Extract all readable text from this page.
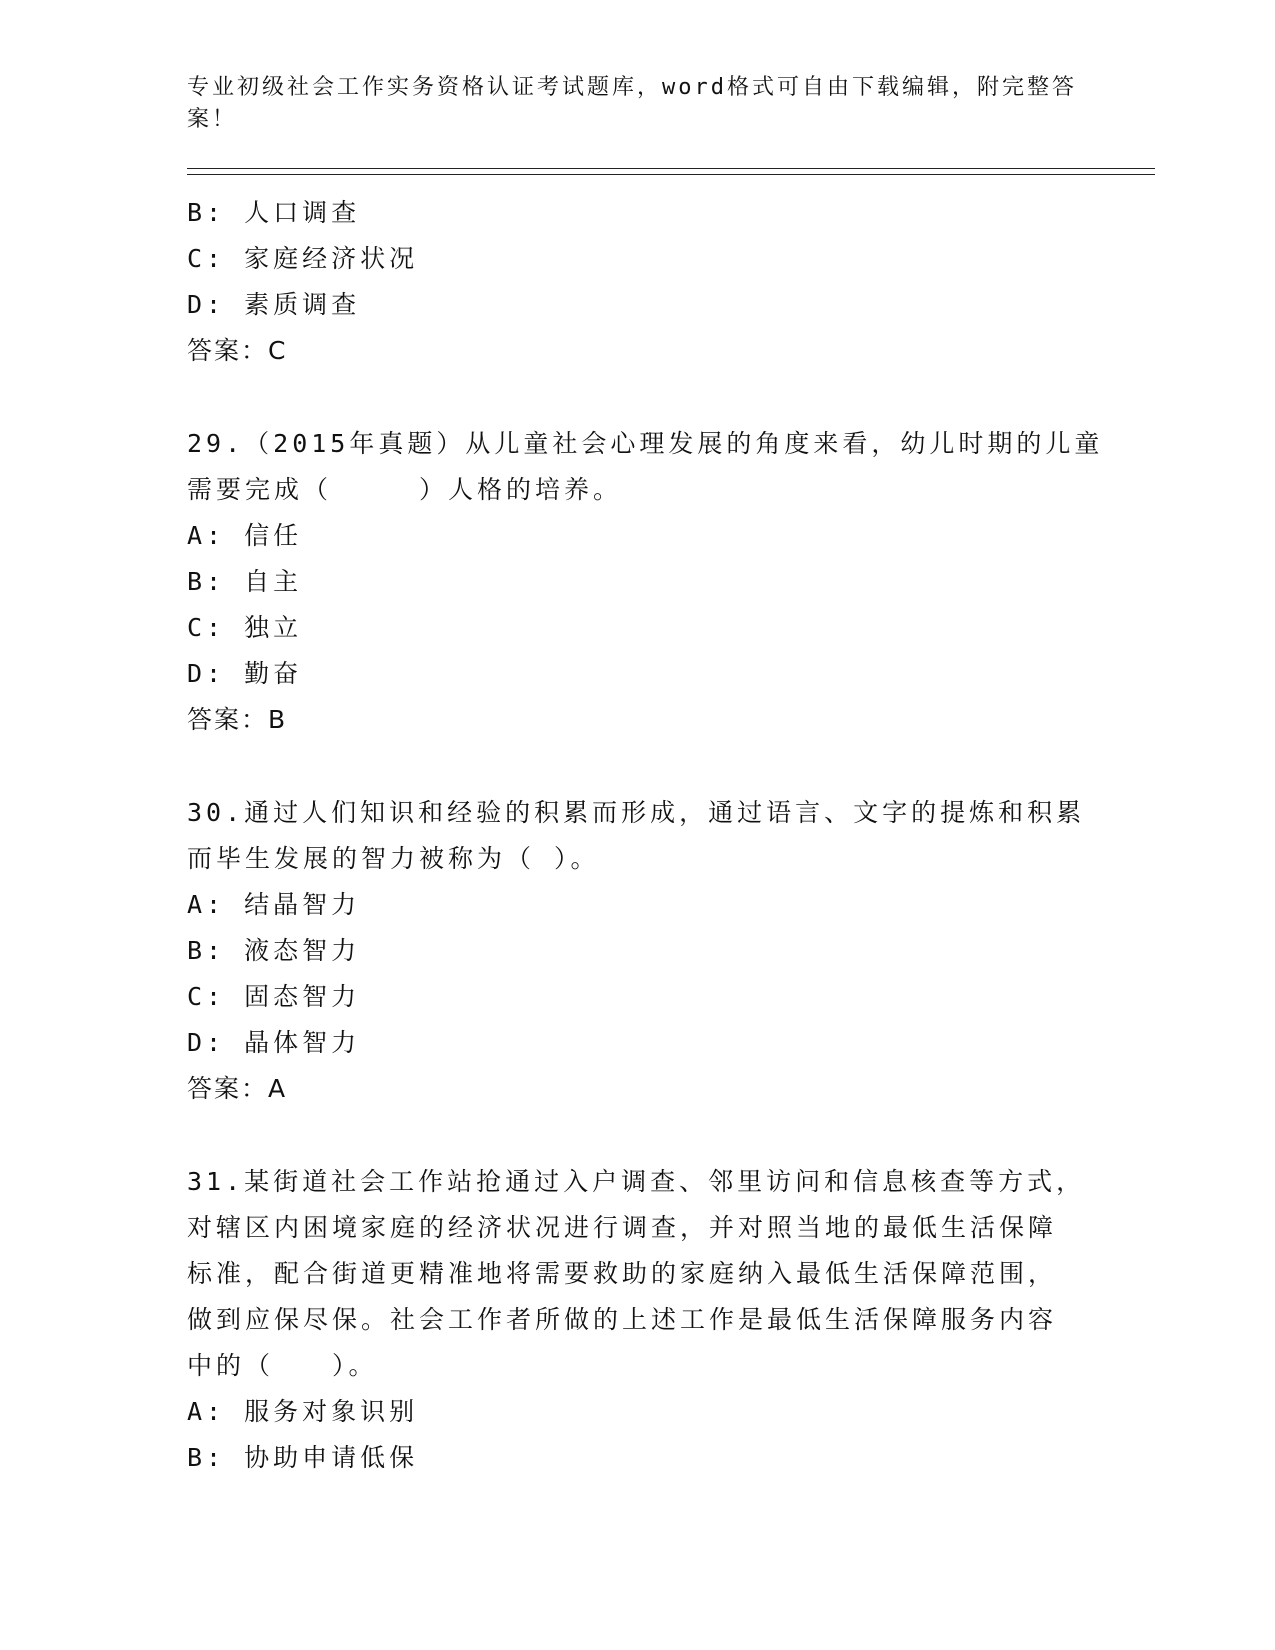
专业初级社会工作实务资格认证考试题库，word格式可自由下载编辑，附完整答案！
B: 人口调查
C: 家庭经济状况
D: 素质调查
答案：C
29.（2015年真题）从儿童社会心理发展的角度来看，幼儿时期的儿童
需要完成（　　　）人格的培养。
A: 信任
B: 自主
C: 独立
D: 勤奋
答案：B
30.通过人们知识和经验的积累而形成，通过语言、文字的提炼和积累
而毕生发展的智力被称为（ ）。
A: 结晶智力
B: 液态智力
C: 固态智力
D: 晶体智力
答案：A
31.某街道社会工作站抢通过入户调查、邻里访问和信息核查等方式，
对辖区内困境家庭的经济状况进行调查，并对照当地的最低生活保障
标准，配合街道更精准地将需要救助的家庭纳入最低生活保障范围，
做到应保尽保。社会工作者所做的上述工作是最低生活保障服务内容
中的（　　）。
A: 服务对象识别
B: 协助申请低保
